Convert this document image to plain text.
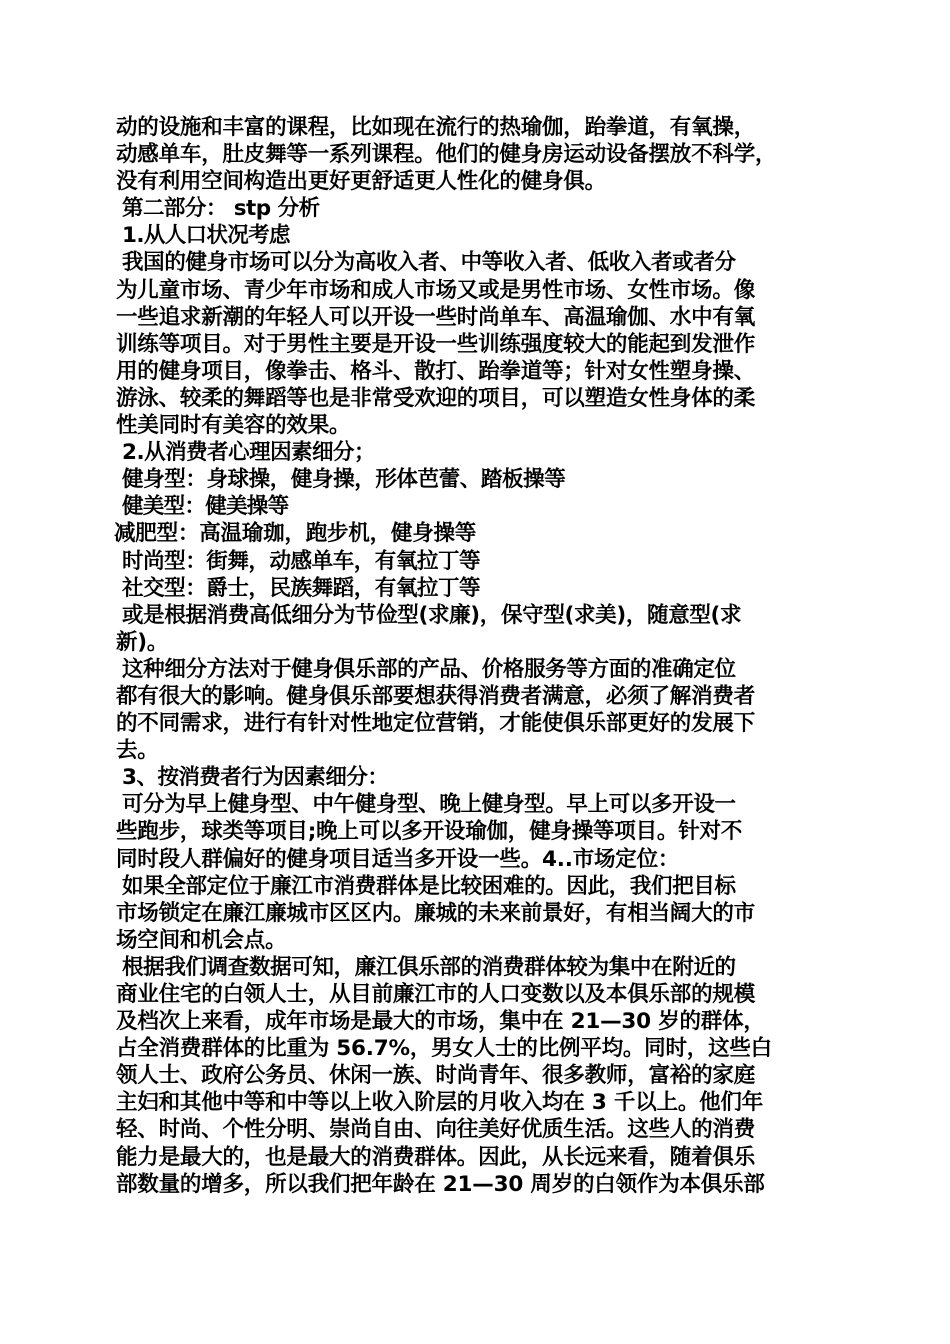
动的设施和丰富的课程，比如现在流行的热瑜伽，跆拳道，有氧操，
动感单车，肚皮舞等一系列课程。他们的健身房运动设备摆放不科学，
没有利用空间构造出更好更舒适更人性化的健身俱。
第二部分： stp 分析
1.从人口状况考虑
我国的健身市场可以分为高收入者、中等收入者、低收入者或者分
为儿童市场、青少年市场和成人市场又或是男性市场、女性市场。像
一些追求新潮的年轻人可以开设一些时尚单车、高温瑜伽、水中有氧
训练等项目。对于男性主要是开设一些训练强度较大的能起到发泄作
用的健身项目，像拳击、格斗、散打、跆拳道等；针对女性塑身操、
游泳、较柔的舞蹈等也是非常受欢迎的项目，可以塑造女性身体的柔
性美同时有美容的效果。
2.从消费者心理因素细分；
健身型：身球操，健身操，形体芭蕾、踏板操等
健美型：健美操等
减肥型：高温瑜珈，跑步机，健身操等
时尚型：街舞，动感单车，有氧拉丁等
社交型：爵士，民族舞蹈，有氧拉丁等
或是根据消费高低细分为节俭型(求廉)，保守型(求美)，随意型(求
新)。
这种细分方法对于健身俱乐部的产品、价格服务等方面的准确定位
都有很大的影响。健身俱乐部要想获得消费者满意，必须了解消费者
的不同需求，进行有针对性地定位营销，才能使俱乐部更好的发展下
去。
3、按消费者行为因素细分：
可分为早上健身型、中午健身型、晚上健身型。早上可以多开设一
些跑步，球类等项目;晚上可以多开设瑜伽，健身操等项目。针对不
同时段人群偏好的健身项目适当多开设一些。4..市场定位：
如果全部定位于廉江市消费群体是比较困难的。因此，我们把目标
市场锁定在廉江廉城市区区内。廉城的未来前景好，有相当阔大的市
场空间和机会点。
根据我们调查数据可知，廉江俱乐部的消费群体较为集中在附近的
商业住宅的白领人士，从目前廉江市的人口变数以及本俱乐部的规模
及档次上来看，成年市场是最大的市场，集中在 21—30 岁的群体，
占全消费群体的比重为 56.7%，男女人士的比例平均。同时，这些白
领人士、政府公务员、休闲一族、时尚青年、很多教师，富裕的家庭
主妇和其他中等和中等以上收入阶层的月收入均在 3 千以上。他们年
轻、时尚、个性分明、崇尚自由、向往美好优质生活。这些人的消费
能力是最大的，也是最大的消费群体。因此，从长远来看，随着俱乐
部数量的增多，所以我们把年龄在 21—30 周岁的白领作为本俱乐部
